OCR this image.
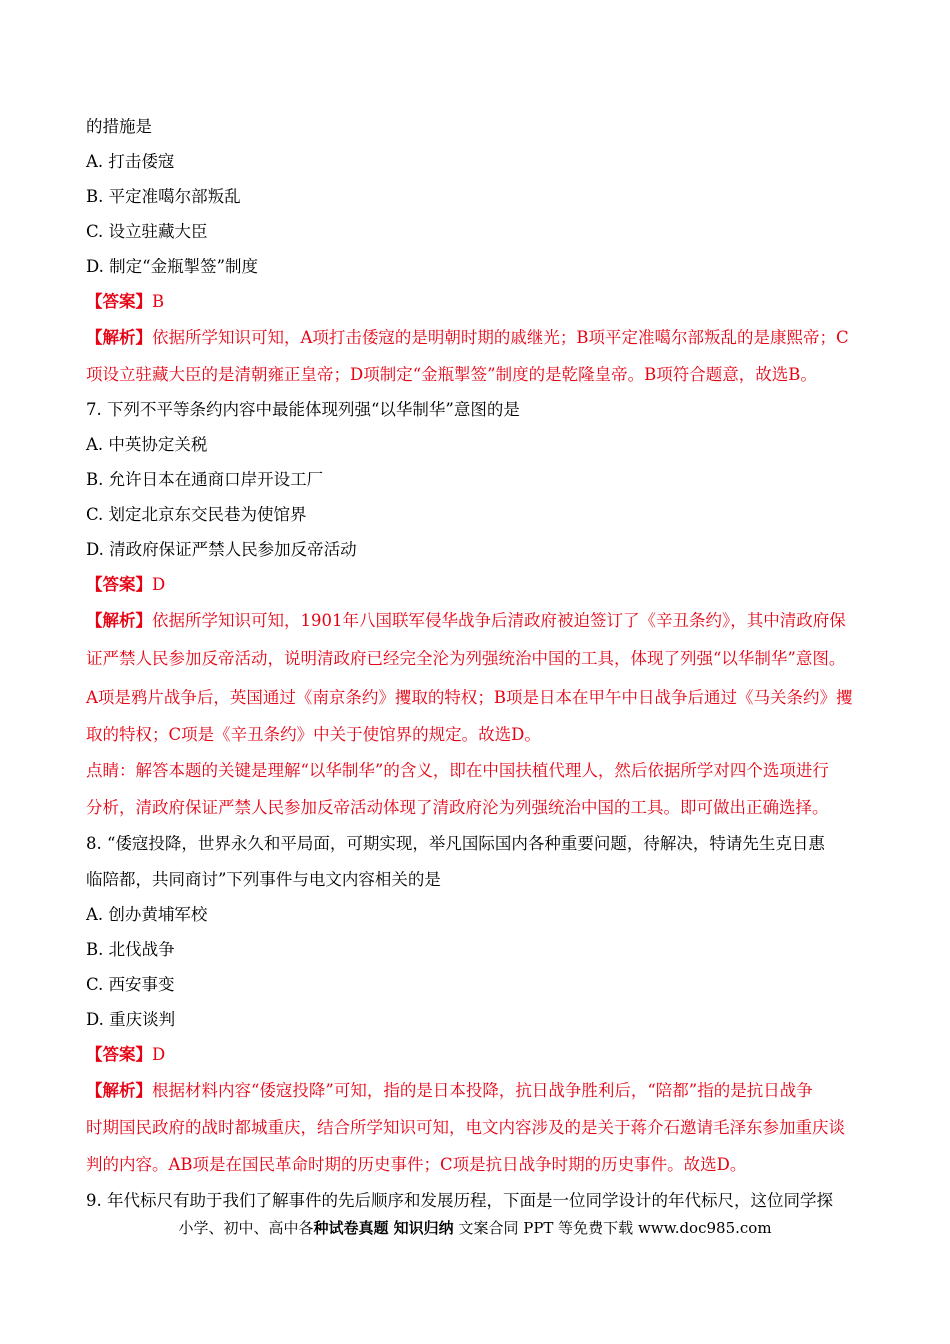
的措施是
A. 打击倭寇
B. 平定准噶尔部叛乱
C. 设立驻藏大臣
D. 制定“金瓶掣签”制度
【答案】B
【解析】依据所学知识可知，A项打击倭寇的是明朝时期的戚继光；B项平定准噶尔部叛乱的是康熙帝；C
项设立驻藏大臣的是清朝雍正皇帝；D项制定“金瓶掣签”制度的是乾隆皇帝。B项符合题意，故选B。
7. 下列不平等条约内容中最能体现列强“以华制华”意图的是
A. 中英协定关税
B. 允许日本在通商口岸开设工厂
C. 划定北京东交民巷为使馆界
D. 清政府保证严禁人民参加反帝活动
【答案】D
【解析】依据所学知识可知，1901年八国联军侵华战争后清政府被迫签订了《辛丑条约》，其中清政府保
证严禁人民参加反帝活动，说明清政府已经完全沦为列强统治中国的工具，体现了列强“以华制华”意图。
A项是鸦片战争后，英国通过《南京条约》攫取的特权；B项是日本在甲午中日战争后通过《马关条约》攫
取的特权；C项是《辛丑条约》中关于使馆界的规定。故选D。
点睛：解答本题的关键是理解“以华制华”的含义，即在中国扶植代理人，然后依据所学对四个选项进行
分析，清政府保证严禁人民参加反帝活动体现了清政府沦为列强统治中国的工具。即可做出正确选择。
8. “倭寇投降，世界永久和平局面，可期实现，举凡国际国内各种重要问题，待解决，特请先生克日惠
临陪都，共同商讨”下列事件与电文内容相关的是
A. 创办黄埔军校
B. 北伐战争
C. 西安事变
D. 重庆谈判
【答案】D
【解析】根据材料内容“倭寇投降”可知，指的是日本投降，抗日战争胜利后，“陪都”指的是抗日战争
时期国民政府的战时都城重庆，结合所学知识可知，电文内容涉及的是关于蒋介石邀请毛泽东参加重庆谈
判的内容。AB项是在国民革命时期的历史事件；C项是抗日战争时期的历史事件。故选D。
9. 年代标尺有助于我们了解事件的先后顺序和发展历程，下面是一位同学设计的年代标尺，这位同学探
小学、初中、高中各种试卷真题 知识归纳 文案合同 PPT 等免费下载 www.doc985.com
